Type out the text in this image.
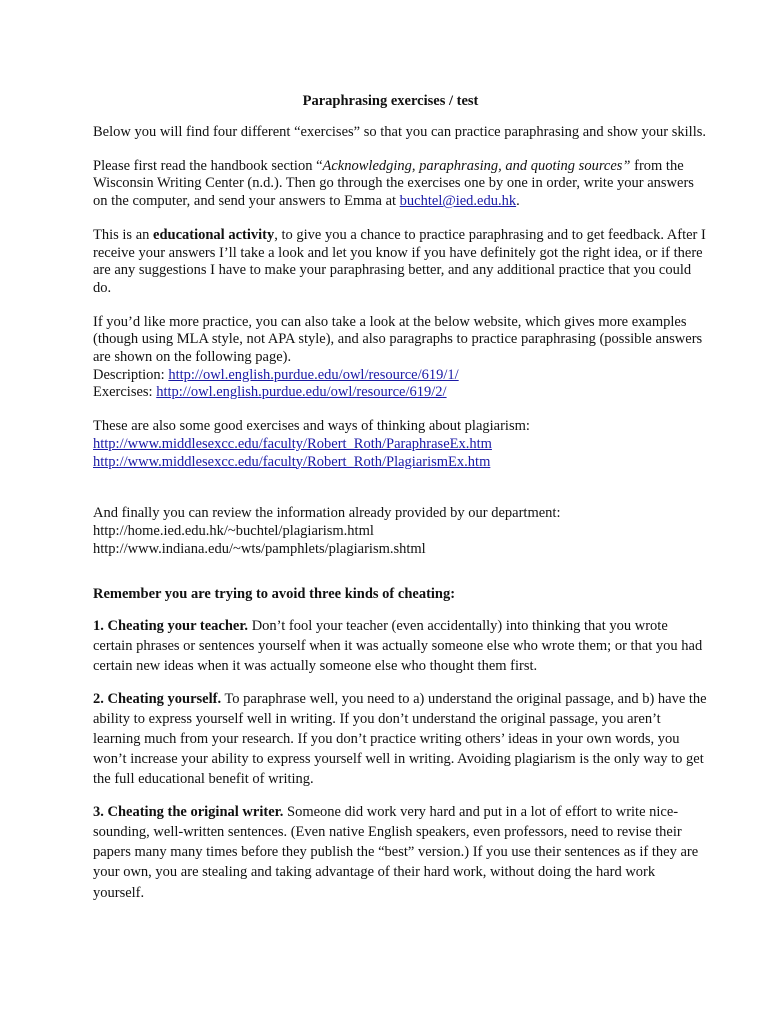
Paraphrasing exercises / test

Below you will find four different “exercises” so that you can practice paraphrasing and show your skills.

Please first read the handbook section “Acknowledging, paraphrasing, and quoting sources” from the Wisconsin Writing Center (n.d.). Then go through the exercises one by one in order, write your answers on the computer, and send your answers to Emma at buchtel@ied.edu.hk.

This is an educational activity, to give you a chance to practice paraphrasing and to get feedback. After I receive your answers I’ll take a look and let you know if you have definitely got the right idea, or if there are any suggestions I have to make your paraphrasing better, and any additional practice that you could do.

If you’d like more practice, you can also take a look at the below website, which gives more examples (though using MLA style, not APA style), and also paragraphs to practice paraphrasing (possible answers are shown on the following page).
Description: http://owl.english.purdue.edu/owl/resource/619/1/
Exercises: http://owl.english.purdue.edu/owl/resource/619/2/

These are also some good exercises and ways of thinking about plagiarism:
http://www.middlesexcc.edu/faculty/Robert_Roth/ParaphraseEx.htm
http://www.middlesexcc.edu/faculty/Robert_Roth/PlagiarismEx.htm

And finally you can review the information already provided by our department:
http://home.ied.edu.hk/~buchtel/plagiarism.html
http://www.indiana.edu/~wts/pamphlets/plagiarism.shtml

Remember you are trying to avoid three kinds of cheating:

1. Cheating your teacher. Don’t fool your teacher (even accidentally) into thinking that you wrote certain phrases or sentences yourself when it was actually someone else who wrote them; or that you had certain new ideas when it was actually someone else who thought them first.

2. Cheating yourself. To paraphrase well, you need to a) understand the original passage, and b) have the ability to express yourself well in writing. If you don’t understand the original passage, you aren’t learning much from your research. If you don’t practice writing others’ ideas in your own words, you won’t increase your ability to express yourself well in writing. Avoiding plagiarism is the only way to get the full educational benefit of writing.

3. Cheating the original writer. Someone did work very hard and put in a lot of effort to write nice-sounding, well-written sentences. (Even native English speakers, even professors, need to revise their papers many many times before they publish the “best” version.) If you use their sentences as if they are your own, you are stealing and taking advantage of their hard work, without doing the hard work yourself.
